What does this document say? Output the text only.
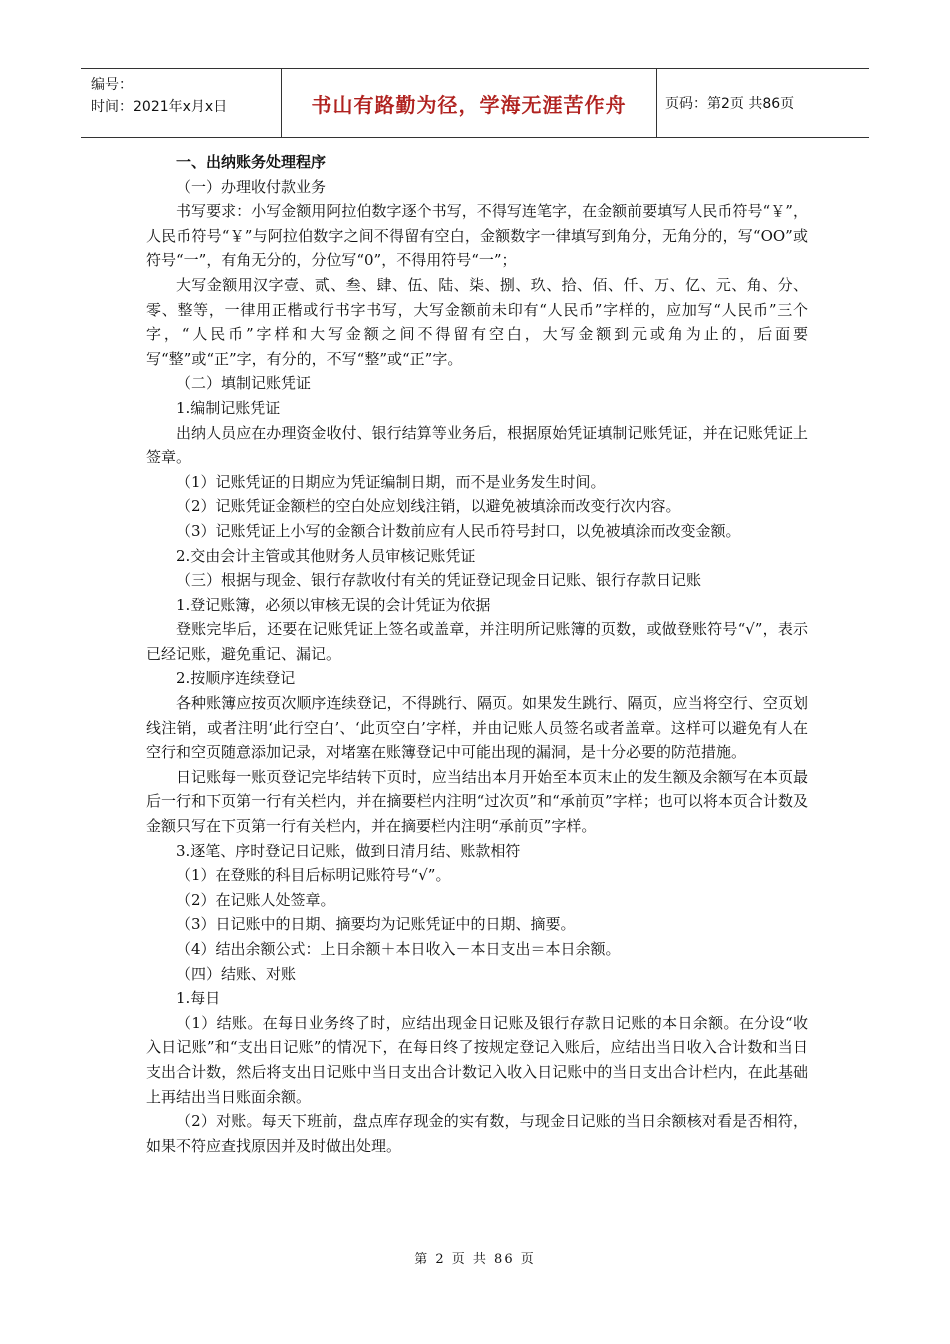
编号：
时间：2021年x月x日	书山有路勤为径，学海无涯苦作舟	页码：第2页 共86页

一、出纳账务处理程序

（一）办理收付款业务

书写要求：小写金额用阿拉伯数字逐个书写，不得写连笔字，在金额前要填写人民币符号“￥”，人民币符号“￥”与阿拉伯数字之间不得留有空白，金额数字一律填写到角分，无角分的，写“OO”或符号“一”，有角无分的，分位写“0”，不得用符号“一”；

大写金额用汉字壹、贰、叁、肆、伍、陆、柒、捌、玖、拾、佰、仟、万、亿、元、角、分、零、整等，一律用正楷或行书字书写，大写金额前未印有“人民币”字样的，应加写“人民币”三个字，“人民币”字样和大写金额之间不得留有空白，大写金额到元或角为止的，后面要写“整”或“正”字，有分的，不写“整”或“正”字。

（二）填制记账凭证

1.编制记账凭证

出纳人员应在办理资金收付、银行结算等业务后，根据原始凭证填制记账凭证，并在记账凭证上签章。

（1）记账凭证的日期应为凭证编制日期，而不是业务发生时间。

（2）记账凭证金额栏的空白处应划线注销，以避免被填涂而改变行次内容。

（3）记账凭证上小写的金额合计数前应有人民币符号封口，以免被填涂而改变金额。

2.交由会计主管或其他财务人员审核记账凭证

（三）根据与现金、银行存款收付有关的凭证登记现金日记账、银行存款日记账

1.登记账簿，必须以审核无误的会计凭证为依据

登账完毕后，还要在记账凭证上签名或盖章，并注明所记账簿的页数，或做登账符号“√”，表示已经记账，避免重记、漏记。

2.按顺序连续登记

各种账簿应按页次顺序连续登记，不得跳行、隔页。如果发生跳行、隔页，应当将空行、空页划线注销，或者注明‘此行空白’、‘此页空白’字样，并由记账人员签名或者盖章。这样可以避免有人在空行和空页随意添加记录，对堵塞在账簿登记中可能出现的漏洞，是十分必要的防范措施。

日记账每一账页登记完毕结转下页时，应当结出本月开始至本页末止的发生额及余额写在本页最后一行和下页第一行有关栏内，并在摘要栏内注明“过次页”和“承前页”字样；也可以将本页合计数及金额只写在下页第一行有关栏内，并在摘要栏内注明“承前页”字样。

3.逐笔、序时登记日记账，做到日清月结、账款相符

（1）在登账的科目后标明记账符号“√”。

（2）在记账人处签章。

（3）日记账中的日期、摘要均为记账凭证中的日期、摘要。

（4）结出余额公式：上日余额＋本日收入－本日支出＝本日余额。

（四）结账、对账

1.每日

（1）结账。在每日业务终了时，应结出现金日记账及银行存款日记账的本日余额。在分设“收入日记账”和“支出日记账”的情况下，在每日终了按规定登记入账后，应结出当日收入合计数和当日支出合计数，然后将支出日记账中当日支出合计数记入收入日记账中的当日支出合计栏内，在此基础上再结出当日账面余额。

（2）对账。每天下班前，盘点库存现金的实有数，与现金日记账的当日余额核对看是否相符，如果不符应查找原因并及时做出处理。

第 2 页 共 86 页
